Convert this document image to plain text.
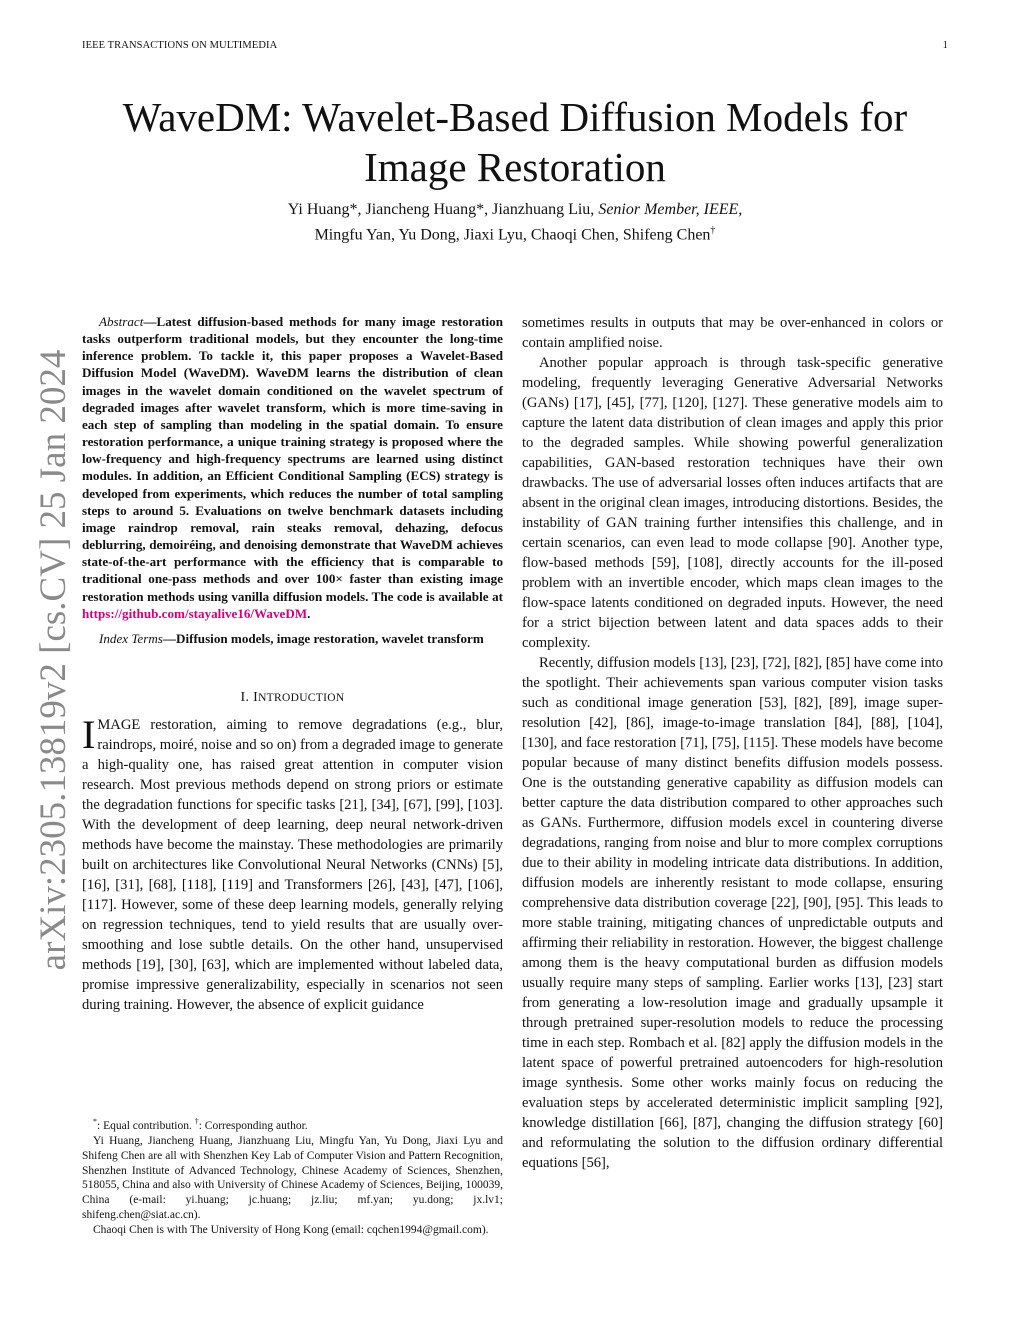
IEEE TRANSACTIONS ON MULTIMEDIA	1
arXiv:2305.13819v2 [cs.CV] 25 Jan 2024
WaveDM: Wavelet-Based Diffusion Models for
Image Restoration
Yi Huang*, Jiancheng Huang*, Jianzhuang Liu, Senior Member, IEEE,
Mingfu Yan, Yu Dong, Jiaxi Lyu, Chaoqi Chen, Shifeng Chen†

Abstract—Latest diffusion-based methods for many image restoration tasks outperform traditional models, but they encounter the long-time inference problem. To tackle it, this paper proposes a Wavelet-Based Diffusion Model (WaveDM). WaveDM learns the distribution of clean images in the wavelet domain conditioned on the wavelet spectrum of degraded images after wavelet transform, which is more time-saving in each step of sampling than modeling in the spatial domain. To ensure restoration performance, a unique training strategy is proposed where the low-frequency and high-frequency spectrums are learned using distinct modules. In addition, an Efficient Conditional Sampling (ECS) strategy is developed from experiments, which reduces the number of total sampling steps to around 5. Evaluations on twelve benchmark datasets including image raindrop removal, rain steaks removal, dehazing, defocus deblurring, demoiréing, and denoising demonstrate that WaveDM achieves state-of-the-art performance with the efficiency that is comparable to traditional one-pass methods and over 100× faster than existing image restoration methods using vanilla diffusion models. The code is available at https://github.com/stayalive16/WaveDM.

Index Terms—Diffusion models, image restoration, wavelet transform

I. INTRODUCTION

IMAGE restoration, aiming to remove degradations (e.g., blur, raindrops, moiré, noise and so on) from a degraded image to generate a high-quality one, has raised great attention in computer vision research. Most previous methods depend on strong priors or estimate the degradation functions for specific tasks [21], [34], [67], [99], [103]. With the development of deep learning, deep neural network-driven methods have become the mainstay. These methodologies are primarily built on architectures like Convolutional Neural Networks (CNNs) [5], [16], [31], [68], [118], [119] and Transformers [26], [43], [47], [106], [117]. However, some of these deep learning models, generally relying on regression techniques, tend to yield results that are usually over-smoothing and lose subtle details. On the other hand, unsupervised methods [19], [30], [63], which are implemented without labeled data, promise impressive generalizability, especially in scenarios not seen during training. However, the absence of explicit guidance

*: Equal contribution. †: Corresponding author.

Yi Huang, Jiancheng Huang, Jianzhuang Liu, Mingfu Yan, Yu Dong, Jiaxi Lyu and Shifeng Chen are all with Shenzhen Key Lab of Computer Vision and Pattern Recognition, Shenzhen Institute of Advanced Technology, Chinese Academy of Sciences, Shenzhen, 518055, China and also with University of Chinese Academy of Sciences, Beijing, 100039, China (e-mail: yi.huang; jc.huang; jz.liu; mf.yan; yu.dong; jx.lv1; shifeng.chen@siat.ac.cn).

Chaoqi Chen is with The University of Hong Kong (email: cqchen1994@gmail.com).

sometimes results in outputs that may be over-enhanced in colors or contain amplified noise.

Another popular approach is through task-specific generative modeling, frequently leveraging Generative Adversarial Networks (GANs) [17], [45], [77], [120], [127]. These generative models aim to capture the latent data distribution of clean images and apply this prior to the degraded samples. While showing powerful generalization capabilities, GAN-based restoration techniques have their own drawbacks. The use of adversarial losses often induces artifacts that are absent in the original clean images, introducing distortions. Besides, the instability of GAN training further intensifies this challenge, and in certain scenarios, can even lead to mode collapse [90]. Another type, flow-based methods [59], [108], directly accounts for the ill-posed problem with an invertible encoder, which maps clean images to the flow-space latents conditioned on degraded inputs. However, the need for a strict bijection between latent and data spaces adds to their complexity.

Recently, diffusion models [13], [23], [72], [82], [85] have come into the spotlight. Their achievements span various computer vision tasks such as conditional image generation [53], [82], [89], image super-resolution [42], [86], image-to-image translation [84], [88], [104], [130], and face restoration [71], [75], [115]. These models have become popular because of many distinct benefits diffusion models possess. One is the outstanding generative capability as diffusion models can better capture the data distribution compared to other approaches such as GANs. Furthermore, diffusion models excel in countering diverse degradations, ranging from noise and blur to more complex corruptions due to their ability in modeling intricate data distributions. In addition, diffusion models are inherently resistant to mode collapse, ensuring comprehensive data distribution coverage [22], [90], [95]. This leads to more stable training, mitigating chances of unpredictable outputs and affirming their reliability in restoration. However, the biggest challenge among them is the heavy computational burden as diffusion models usually require many steps of sampling. Earlier works [13], [23] start from generating a low-resolution image and gradually upsample it through pretrained super-resolution models to reduce the processing time in each step. Rombach et al. [82] apply the diffusion models in the latent space of powerful pretrained autoencoders for high-resolution image synthesis. Some other works mainly focus on reducing the evaluation steps by accelerated deterministic implicit sampling [92], knowledge distillation [66], [87], changing the diffusion strategy [60] and reformulating the solution to the diffusion ordinary differential equations [56],
